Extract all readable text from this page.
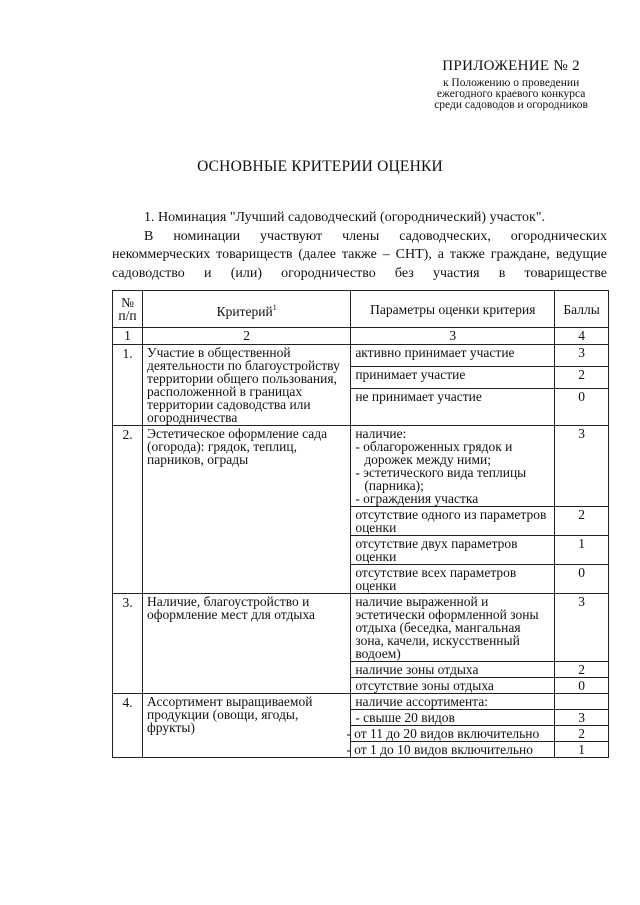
ПРИЛОЖЕНИЕ № 2
к Положению о проведении
ежегодного краевого конкурса
среди садоводов и огородников
ОСНОВНЫЕ КРИТЕРИИ ОЦЕНКИ

1. Номинация "Лучший садоводческий (огороднический) участок".

В номинации участвуют члены садоводческих, огороднических некоммерческих товариществ (далее также – СНТ), а также граждане, ведущие садоводство и (или) огородничество без участия в товариществе

№ п/п	Критерий$^1$	Параметры оценки критерия	Баллы
1	2	3	4
1.	Участие в общественной деятельности по благоустройству территории общего пользования, расположенной в границах территории садоводства или огородничества	активно принимает участие	3
		принимает участие	2
		не принимает участие	0
2.	Эстетическое оформление сада (огорода): грядок, теплиц, парников, ограды	наличие:
- облагороженных грядок и дорожек между ними;
- эстетического вида теплицы (парника);
- ограждения участка	3
		отсутствие одного из параметров оценки	2
		отсутствие двух параметров оценки	1
		отсутствие всех параметров оценки	0
3.	Наличие, благоустройство и оформление мест для отдыха	наличие выраженной и эстетически оформленной зоны отдыха (беседка, мангальная зона, качели, искусственный водоем)	3
		наличие зоны отдыха	2
		отсутствие зоны отдыха	0
4.	Ассортимент выращиваемой продукции (овощи, ягоды, фрукты)	наличие ассортимента:	
		- свыше 20 видов	3
		- от 11 до 20 видов включительно	2
		- от 1 до 10 видов включительно	1
